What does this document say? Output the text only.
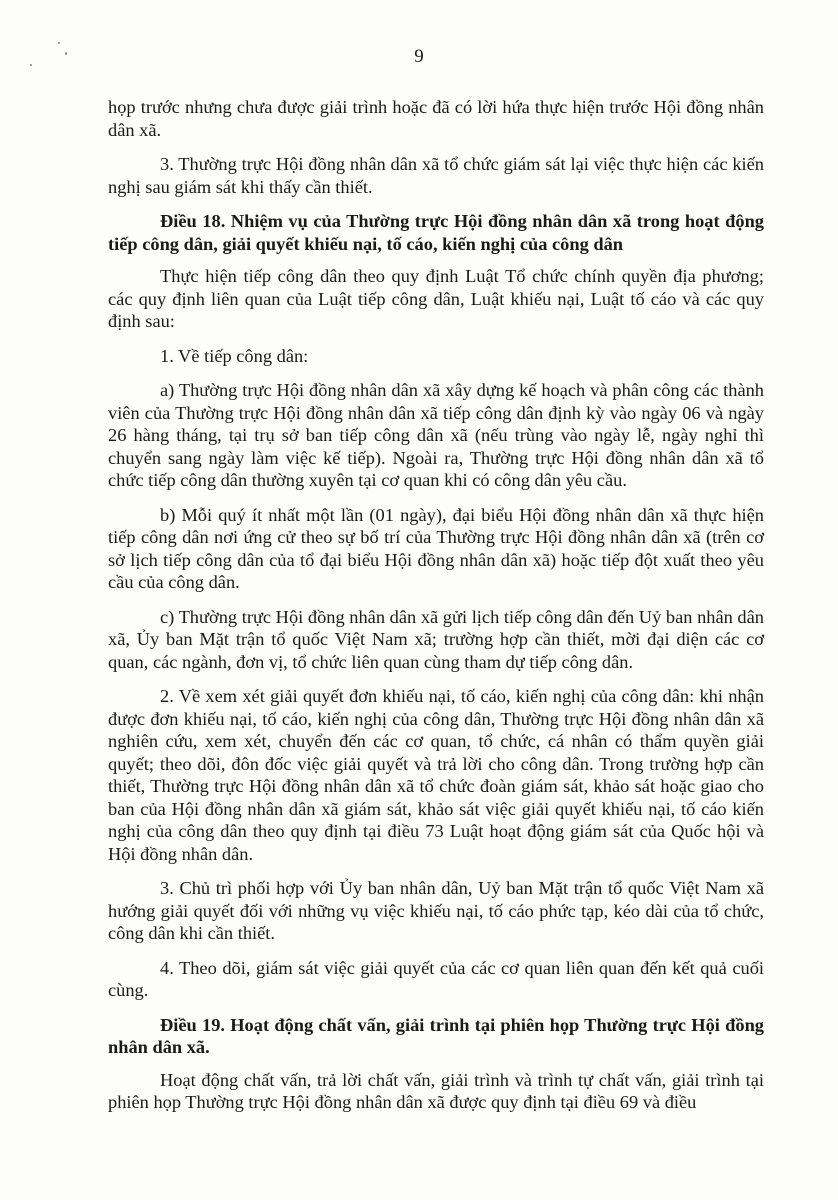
9

họp trước nhưng chưa được giải trình hoặc đã có lời hứa thực hiện trước Hội đồng nhân dân xã.

3. Thường trực Hội đồng nhân dân xã tổ chức giám sát lại việc thực hiện các kiến nghị sau giám sát khi thấy cần thiết.

Điều 18. Nhiệm vụ của Thường trực Hội đồng nhân dân xã trong hoạt động tiếp công dân, giải quyết khiếu nại, tố cáo, kiến nghị của công dân

Thực hiện tiếp công dân theo quy định Luật Tổ chức chính quyền địa phương; các quy định liên quan của Luật tiếp công dân, Luật khiếu nại, Luật tố cáo và các quy định sau:

1. Về tiếp công dân:

a) Thường trực Hội đồng nhân dân xã xây dựng kế hoạch và phân công các thành viên của Thường trực Hội đồng nhân dân xã tiếp công dân định kỳ vào ngày 06 và ngày 26 hàng tháng, tại trụ sở ban tiếp công dân xã (nếu trùng vào ngày lễ, ngày nghỉ thì chuyển sang ngày làm việc kế tiếp). Ngoài ra, Thường trực Hội đồng nhân dân xã tổ chức tiếp công dân thường xuyên tại cơ quan khi có công dân yêu cầu.

b) Mỗi quý ít nhất một lần (01 ngày), đại biểu Hội đồng nhân dân xã thực hiện tiếp công dân nơi ứng cử theo sự bố trí của Thường trực Hội đồng nhân dân xã (trên cơ sở lịch tiếp công dân của tổ đại biểu Hội đồng nhân dân xã) hoặc tiếp đột xuất theo yêu cầu của công dân.

c) Thường trực Hội đồng nhân dân xã gửi lịch tiếp công dân đến Uỷ ban nhân dân xã, Ủy ban Mặt trận tổ quốc Việt Nam xã; trường hợp cần thiết, mời đại diện các cơ quan, các ngành, đơn vị, tổ chức liên quan cùng tham dự tiếp công dân.

2. Về xem xét giải quyết đơn khiếu nại, tố cáo, kiến nghị của công dân: khi nhận được đơn khiếu nại, tố cáo, kiến nghị của công dân, Thường trực Hội đồng nhân dân xã nghiên cứu, xem xét, chuyển đến các cơ quan, tổ chức, cá nhân có thẩm quyền giải quyết; theo dõi, đôn đốc việc giải quyết và trả lời cho công dân. Trong trường hợp cần thiết, Thường trực Hội đồng nhân dân xã tổ chức đoàn giám sát, khảo sát hoặc giao cho ban của Hội đồng nhân dân xã giám sát, khảo sát việc giải quyết khiếu nại, tố cáo kiến nghị của công dân theo quy định tại điều 73 Luật hoạt động giám sát của Quốc hội và Hội đồng nhân dân.

3. Chủ trì phối hợp với Ủy ban nhân dân, Uỷ ban Mặt trận tổ quốc Việt Nam xã hướng giải quyết đối với những vụ việc khiếu nại, tố cáo phức tạp, kéo dài của tổ chức, công dân khi cần thiết.

4. Theo dõi, giám sát việc giải quyết của các cơ quan liên quan đến kết quả cuối cùng.

Điều 19. Hoạt động chất vấn, giải trình tại phiên họp Thường trực Hội đồng nhân dân xã.

Hoạt động chất vấn, trả lời chất vấn, giải trình và trình tự chất vấn, giải trình tại phiên họp Thường trực Hội đồng nhân dân xã được quy định tại điều 69 và điều
